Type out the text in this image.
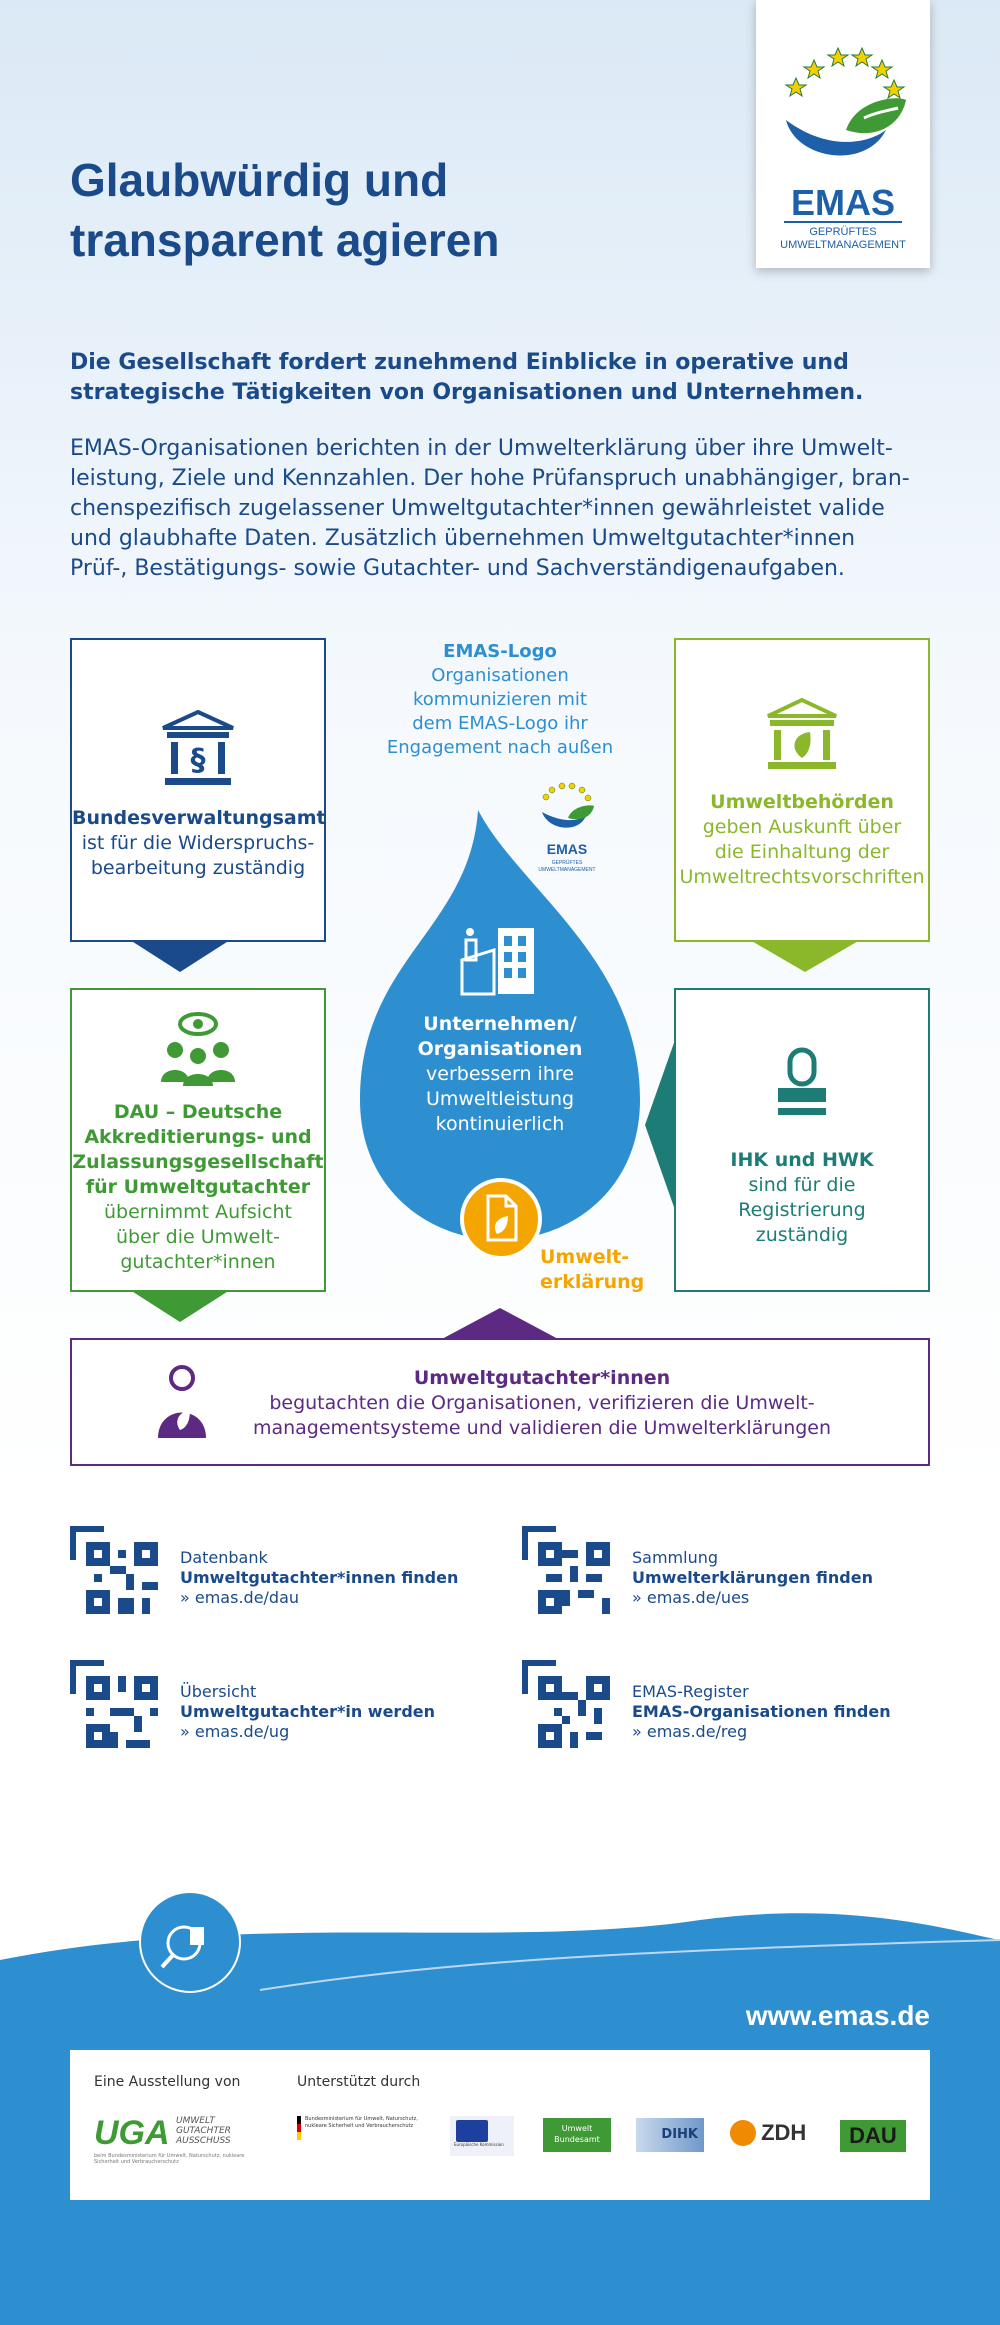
EMAS
GEPRÜFTES
UMWELTMANAGEMENT
Glaubwürdig und
transparent agieren
Die Gesellschaft fordert zunehmend Einblicke in operative und strategische Tätigkeiten von Organisationen und Unternehmen.
EMAS-Organisationen berichten in der Umwelterklärung über ihre Umwelt-
leistung, Ziele und Kennzahlen. Der hohe Prüfanspruch unabhängiger, bran-
chenspezifisch zugelassener Umweltgutachter*innen gewährleistet valide
und glaubhafte Daten. Zusätzlich übernehmen Umweltgutachter*innen
Prüf-, Bestätigungs- sowie Gutachter- und Sachverständigenaufgaben.
EMAS
GEPRÜFTES
UMWELTMANAGEMENT
EMAS-Logo
Organisationen
kommunizieren mit
dem EMAS-Logo ihr
Engagement nach außen
§
Bundesverwaltungsamt
ist für die Widerspruchs-
bearbeitung zuständig
Umweltbehörden
geben Auskunft über
die Einhaltung der
Umweltrechtsvorschriften
DAU – Deutsche
Akkreditierungs- und
Zulassungsgesellschaft
für Umweltgutachter
übernimmt Aufsicht
über die Umwelt-
gutachter*innen
IHK und HWK
sind für die
Registrierung
zuständig
Unternehmen/
Organisationen
verbessern ihre
Umweltleistung
kontinuierlich
Umwelt-
erklärung
Umweltgutachter*innen
begutachten die Organisationen, verifizieren die Umwelt-
managementsysteme und validieren die Umwelterklärungen
Datenbank
Umweltgutachter*innen finden
» emas.de/dau
Sammlung
Umwelterklärungen finden
» emas.de/ues
Übersicht
Umweltgutachter*in werden
» emas.de/ug
EMAS-Register
EMAS-Organisationen finden
» emas.de/reg
www.emas.de
Eine Ausstellung von	Unterstützt durch
UGA UMWELT
GUTACHTER
AUSSCHUSS
beim Bundesministerium für Umwelt, Naturschutz, nukleare Sicherheit und Verbraucherschutz
Bundesministerium für Umwelt, Naturschutz, nukleare Sicherheit und Verbraucherschutz
Europäische Kommission
Umwelt
Bundesamt	DIHK	ZDH	DAU
